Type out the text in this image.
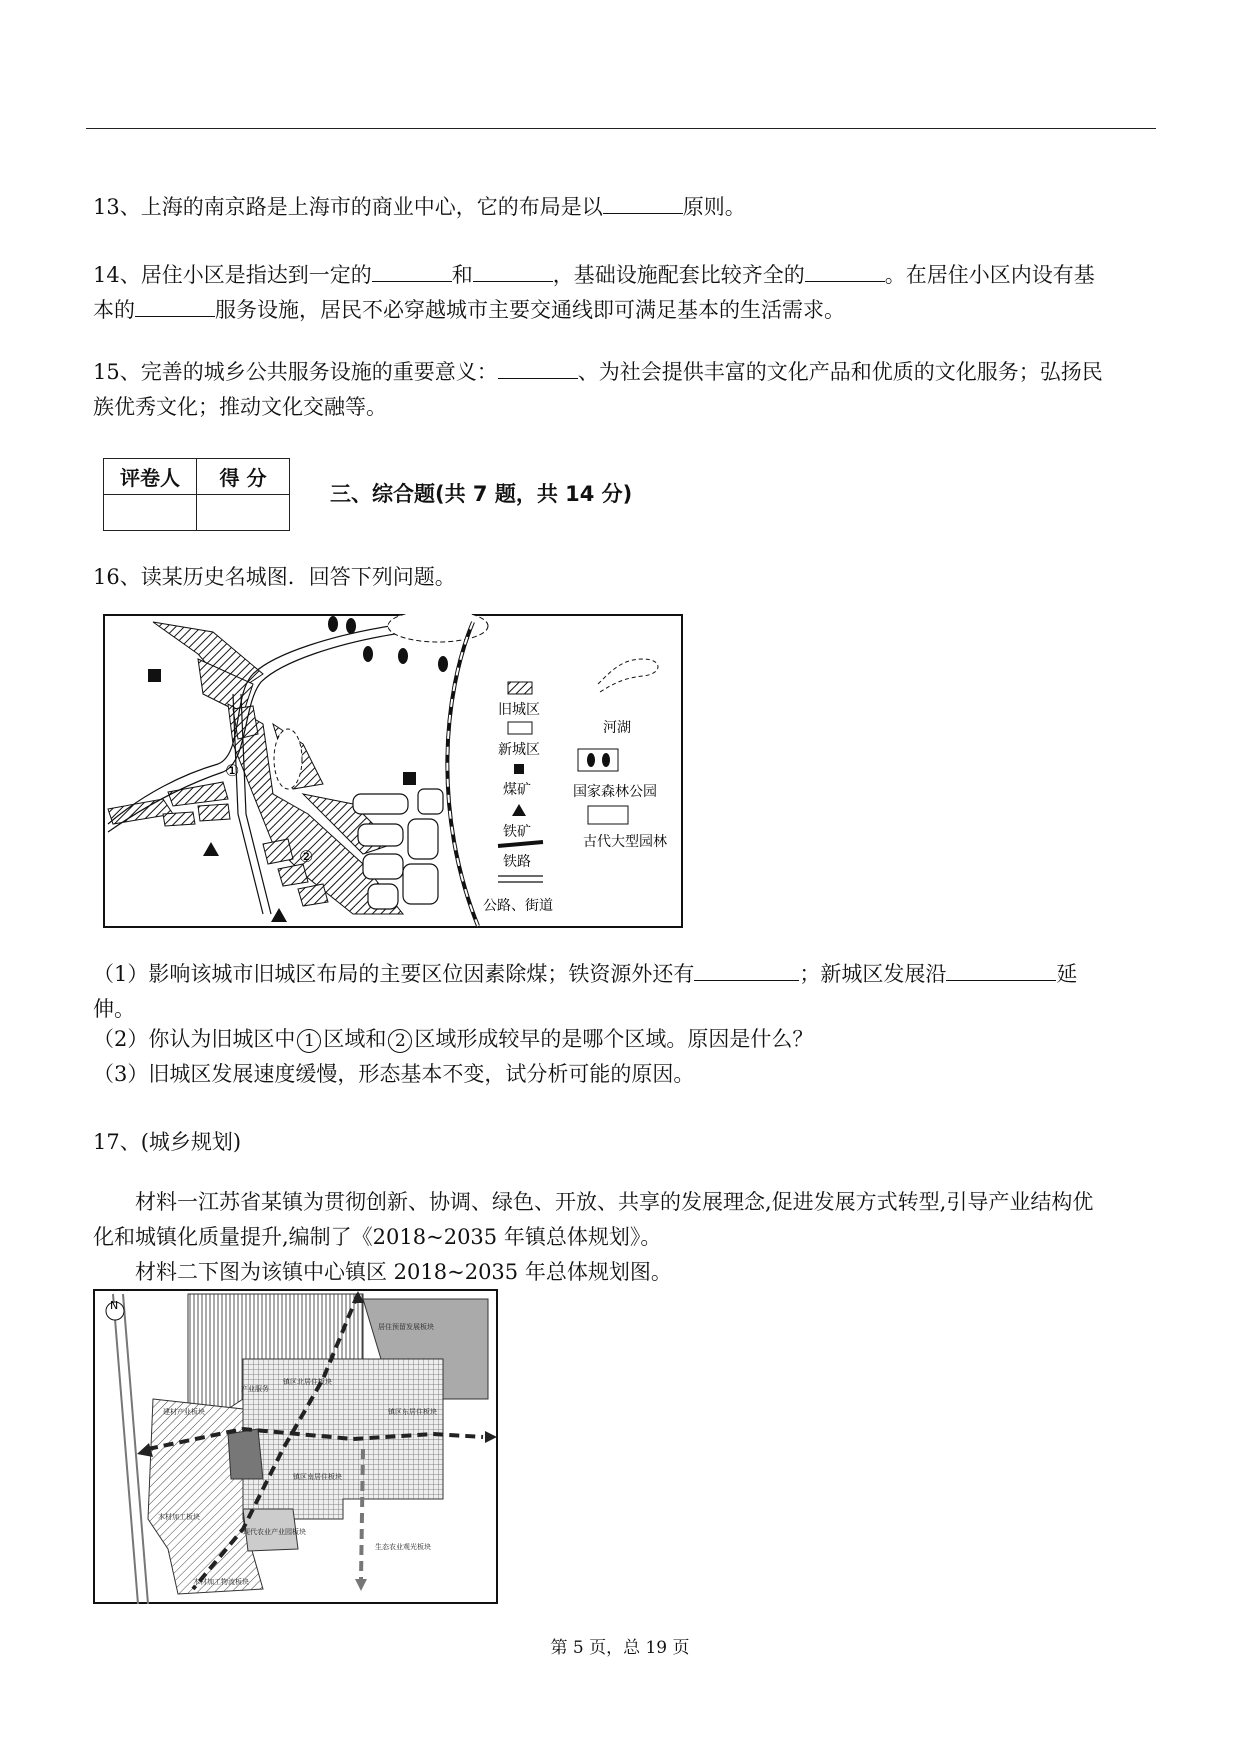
13、上海的南京路是上海市的商业中心，它的布局是以	原则。
14、居住小区是指达到一定的	和	，基础设施配套比较齐全的	。在居住小区内设有基
本的	服务设施，居民不必穿越城市主要交通线即可满足基本的生活需求。
15、完善的城乡公共服务设施的重要意义：	、为社会提供丰富的文化产品和优质的文化服务；弘扬民
族优秀文化；推动文化交融等。
评卷人	得 分

三、综合题(共 7 题，共 14 分)
16、读某历史名城图．回答下列问题。
①
②
旧城区
新城区
煤矿
铁矿
铁路
公路、街道
河湖
国家森林公园
古代大型园林
（1）影响该城市旧城区布局的主要区位因素除煤；铁资源外还有	；新城区发展沿	延
伸。
（2）你认为旧城区中 1 区域和 2 区域形成较早的是哪个区域。原因是什么？
（3）旧城区发展速度缓慢，形态基本不变，试分析可能的原因。
17、(城乡规划)
材料一江苏省某镇为贯彻创新、协调、绿色、开放、共享的发展理念,促进发展方式转型,引导产业结构优
化和城镇化质量提升,编制了《2018~2035 年镇总体规划》。
材料二下图为该镇中心镇区 2018~2035 年总体规划图。
N
居住预留发展板块
建材产业板块
产业服务
镇区北居住板块
镇区东居住板块
镇区南居住板块
木材加工板块
现代农业产业园板块
木材加工物流板块
生态农业观光板块
第 5 页，总 19 页
